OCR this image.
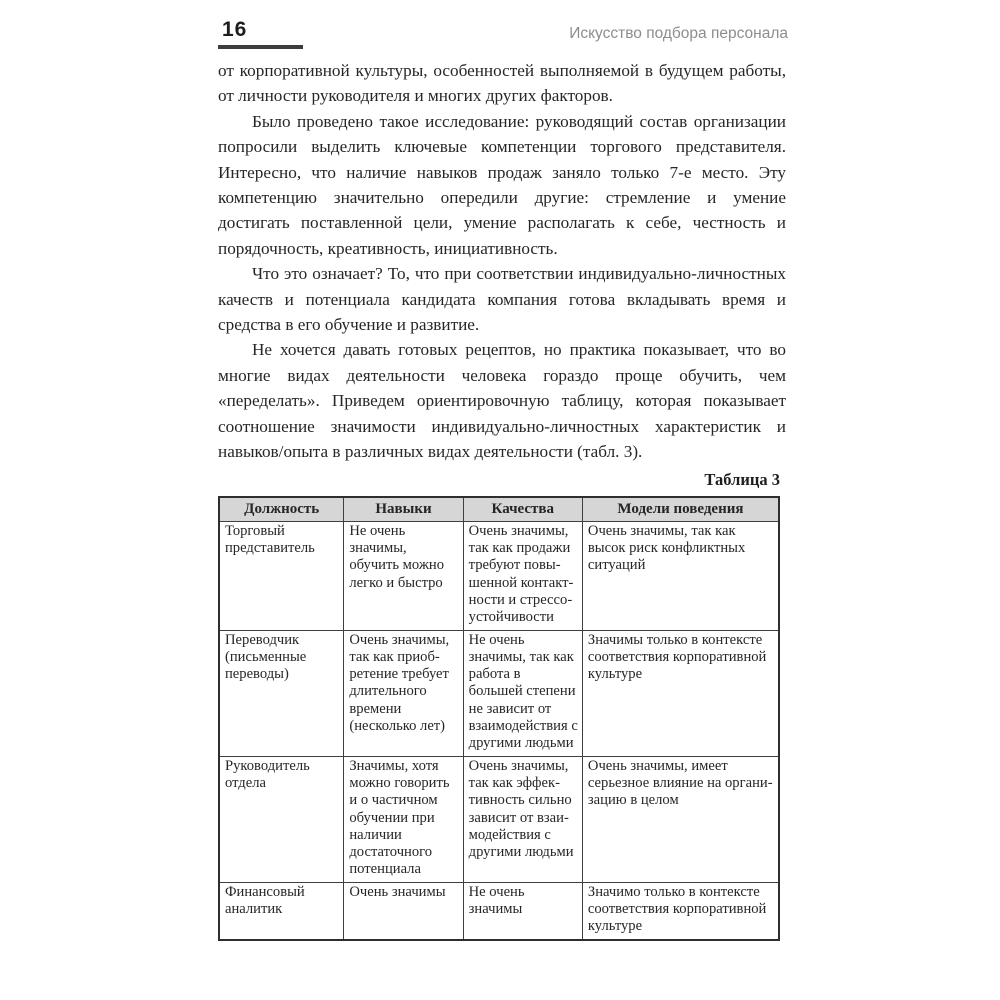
16	Искусство подбора персонала

от корпоративной культуры, особенностей выполняемой в будущем работы, от личности руководителя и многих других факторов.

Было проведено такое исследование: руководящий состав организации попросили выделить ключевые компетенции торгового представителя. Интересно, что наличие навыков продаж заняло только 7-е место. Эту компетенцию значительно опередили другие: стремление и умение достигать поставленной цели, умение располагать к себе, честность и порядочность, креативность, инициативность.

Что это означает? То, что при соответствии индивидуально-личностных качеств и потенциала кандидата компания готова вкладывать время и средства в его обучение и развитие.

Не хочется давать готовых рецептов, но практика показывает, что во многие видах деятельности человека гораздо проще обучить, чем «переделать». Приведем ориентировочную таблицу, которая показывает соотношение значимости индивидуально-личностных характеристик и навыков/опыта в различных видах деятельности (табл. 3).

Таблица 3
Должность	Навыки	Качества	Модели поведения
Торговый представитель	Не очень значимы, обучить можно легко и быстро	Очень значимы, так как продажи требуют повышенной контактности и стрессоустойчивости	Очень значимы, так как высок риск конфликтных ситуаций
Переводчик (письменные переводы)	Очень значимы, так как приобретение требует длительного времени (несколько лет)	Не очень значимы, так как работа в большей степени не зависит от взаимодействия с другими людьми	Значимы только в контексте соответствия корпоративной культуре
Руководитель отдела	Значимы, хотя можно говорить и о частичном обучении при наличии достаточного потенциала	Очень значимы, так как эффективность сильно зависит от взаимодействия с другими людьми	Очень значимы, имеет серьезное влияние на организацию в целом
Финансовый аналитик	Очень значимы	Не очень значимы	Значимо только в контексте соответствия корпоративной культуре
